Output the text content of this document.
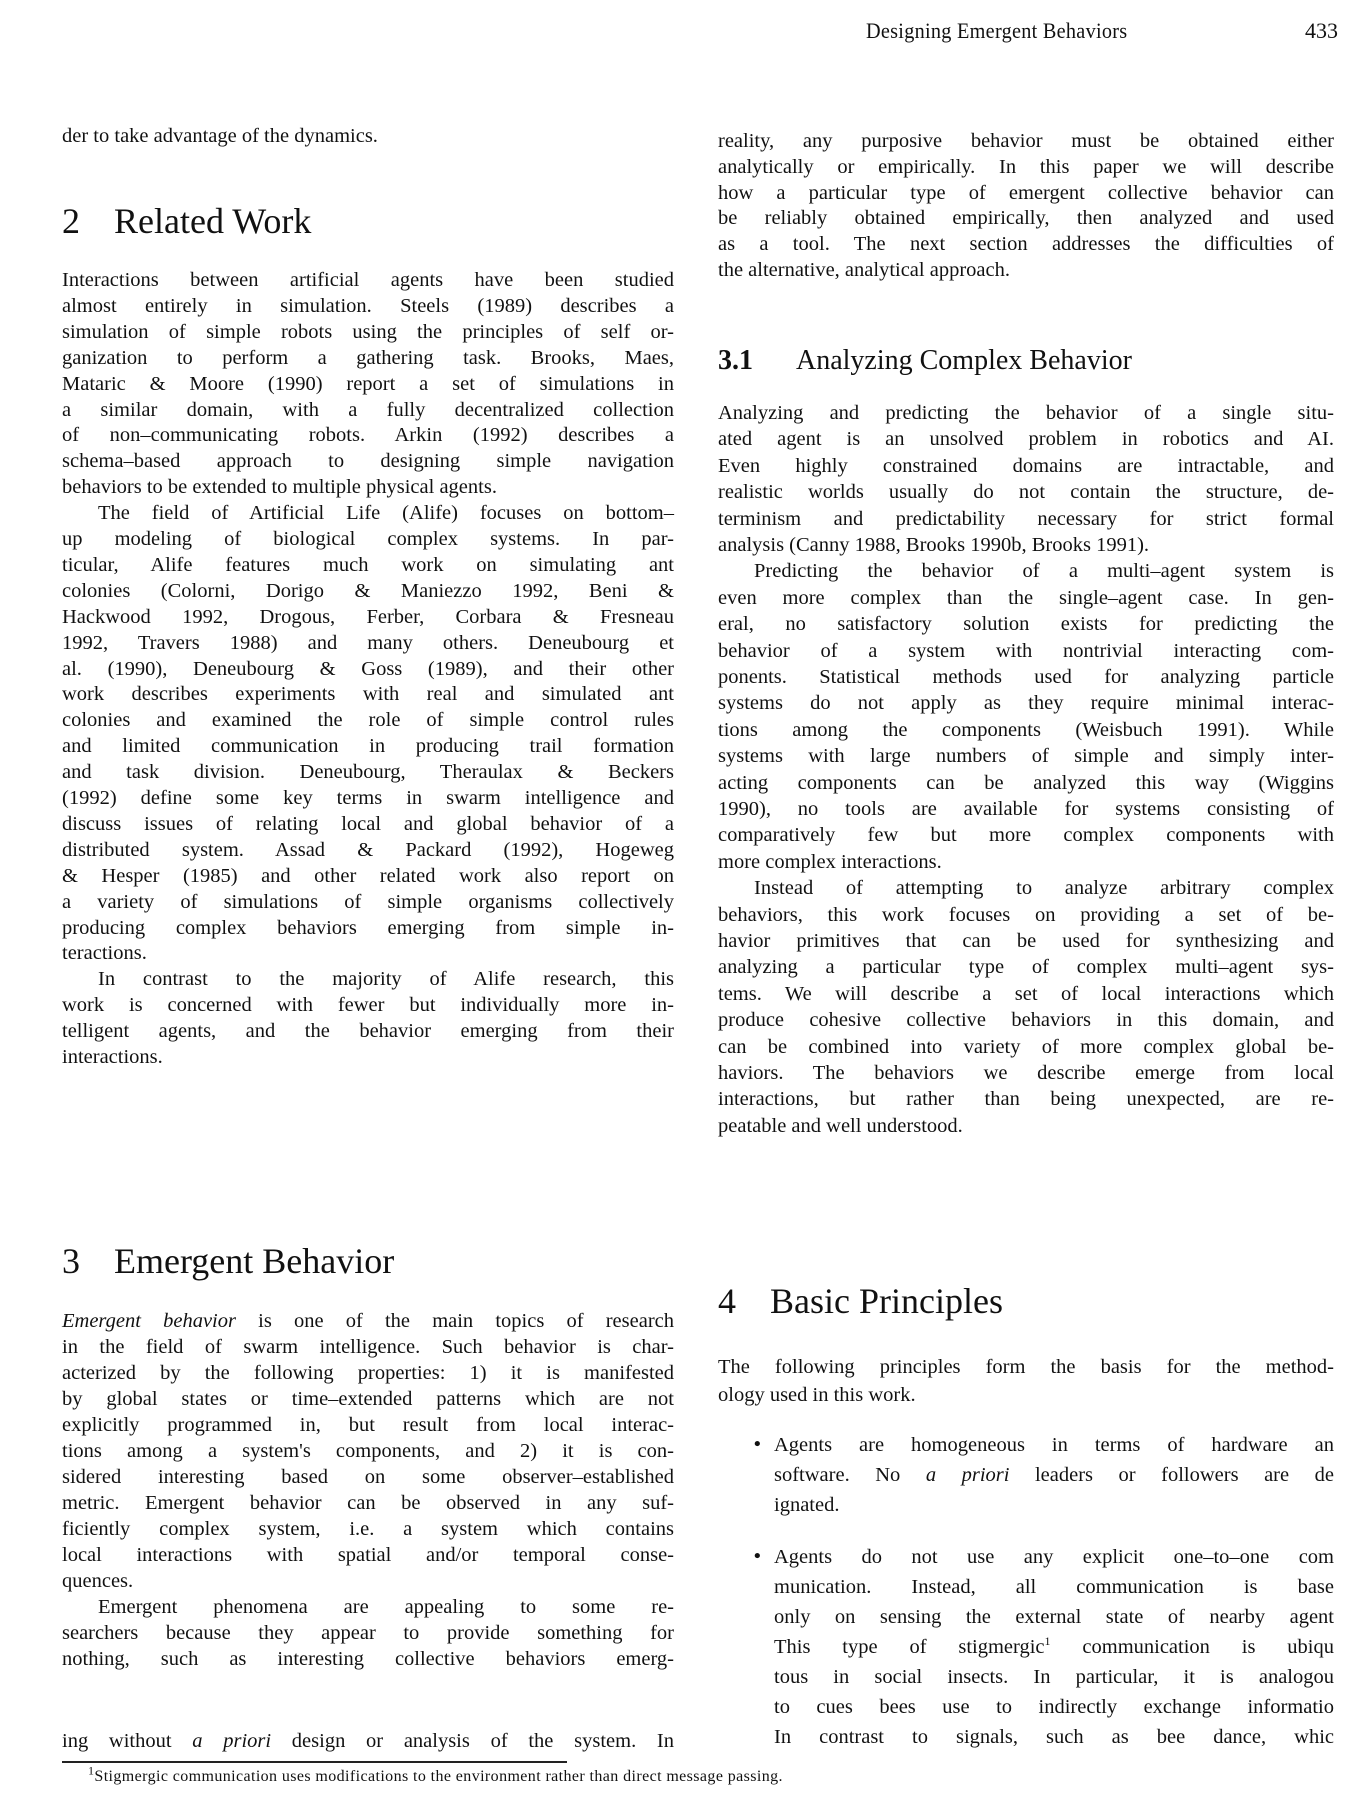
Designing Emergent Behaviors	433
der to take advantage of the dynamics.
2 Related Work
Interactions between artificial agents have been studied
almost entirely in simulation. Steels (1989) describes a
simulation of simple robots using the principles of self or-
ganization to perform a gathering task. Brooks, Maes,
Mataric & Moore (1990) report a set of simulations in
a similar domain, with a fully decentralized collection
of non–communicating robots. Arkin (1992) describes a
schema–based approach to designing simple navigation
behaviors to be extended to multiple physical agents.
The field of Artificial Life (Alife) focuses on bottom–
up modeling of biological complex systems. In par-
ticular, Alife features much work on simulating ant
colonies (Colorni, Dorigo & Maniezzo 1992, Beni &
Hackwood 1992, Drogous, Ferber, Corbara & Fresneau
1992, Travers 1988) and many others. Deneubourg et
al. (1990), Deneubourg & Goss (1989), and their other
work describes experiments with real and simulated ant
colonies and examined the role of simple control rules
and limited communication in producing trail formation
and task division. Deneubourg, Theraulax & Beckers
(1992) define some key terms in swarm intelligence and
discuss issues of relating local and global behavior of a
distributed system. Assad & Packard (1992), Hogeweg
& Hesper (1985) and other related work also report on
a variety of simulations of simple organisms collectively
producing complex behaviors emerging from simple in-
teractions.
In contrast to the majority of Alife research, this
work is concerned with fewer but individually more in-
telligent agents, and the behavior emerging from their
interactions.
3 Emergent Behavior
Emergent behavior is one of the main topics of research
in the field of swarm intelligence. Such behavior is char-
acterized by the following properties: 1) it is manifested
by global states or time–extended patterns which are not
explicitly programmed in, but result from local interac-
tions among a system's components, and 2) it is con-
sidered interesting based on some observer–established
metric. Emergent behavior can be observed in any suf-
ficiently complex system, i.e. a system which contains
local interactions with spatial and/or temporal conse-
quences.
Emergent phenomena are appealing to some re-
searchers because they appear to provide something for
nothing, such as interesting collective behaviors emerg-
ing without a priori design or analysis of the system. In
reality, any purposive behavior must be obtained either
analytically or empirically. In this paper we will describe
how a particular type of emergent collective behavior can
be reliably obtained empirically, then analyzed and used
as a tool. The next section addresses the difficulties of
the alternative, analytical approach.
3.1 Analyzing Complex Behavior
Analyzing and predicting the behavior of a single situ-
ated agent is an unsolved problem in robotics and AI.
Even highly constrained domains are intractable, and
realistic worlds usually do not contain the structure, de-
terminism and predictability necessary for strict formal
analysis (Canny 1988, Brooks 1990b, Brooks 1991).
Predicting the behavior of a multi–agent system is
even more complex than the single–agent case. In gen-
eral, no satisfactory solution exists for predicting the
behavior of a system with nontrivial interacting com-
ponents. Statistical methods used for analyzing particle
systems do not apply as they require minimal interac-
tions among the components (Weisbuch 1991). While
systems with large numbers of simple and simply inter-
acting components can be analyzed this way (Wiggins
1990), no tools are available for systems consisting of
comparatively few but more complex components with
more complex interactions.
Instead of attempting to analyze arbitrary complex
behaviors, this work focuses on providing a set of be-
havior primitives that can be used for synthesizing and
analyzing a particular type of complex multi–agent sys-
tems. We will describe a set of local interactions which
produce cohesive collective behaviors in this domain, and
can be combined into variety of more complex global be-
haviors. The behaviors we describe emerge from local
interactions, but rather than being unexpected, are re-
peatable and well understood.
4 Basic Principles
The following principles form the basis for the method-
ology used in this work.
• Agents are homogeneous in terms of hardware an
software. No a priori leaders or followers are de
ignated.
• Agents do not use any explicit one–to–one com
munication. Instead, all communication is base
only on sensing the external state of nearby agent
This type of stigmergic$^1$ communication is ubiqu
tous in social insects. In particular, it is analogou
to cues bees use to indirectly exchange informatio
In contrast to signals, such as bee dance, whic
$^1$Stigmergic communication uses modifications to the environment rather than direct message passing.
